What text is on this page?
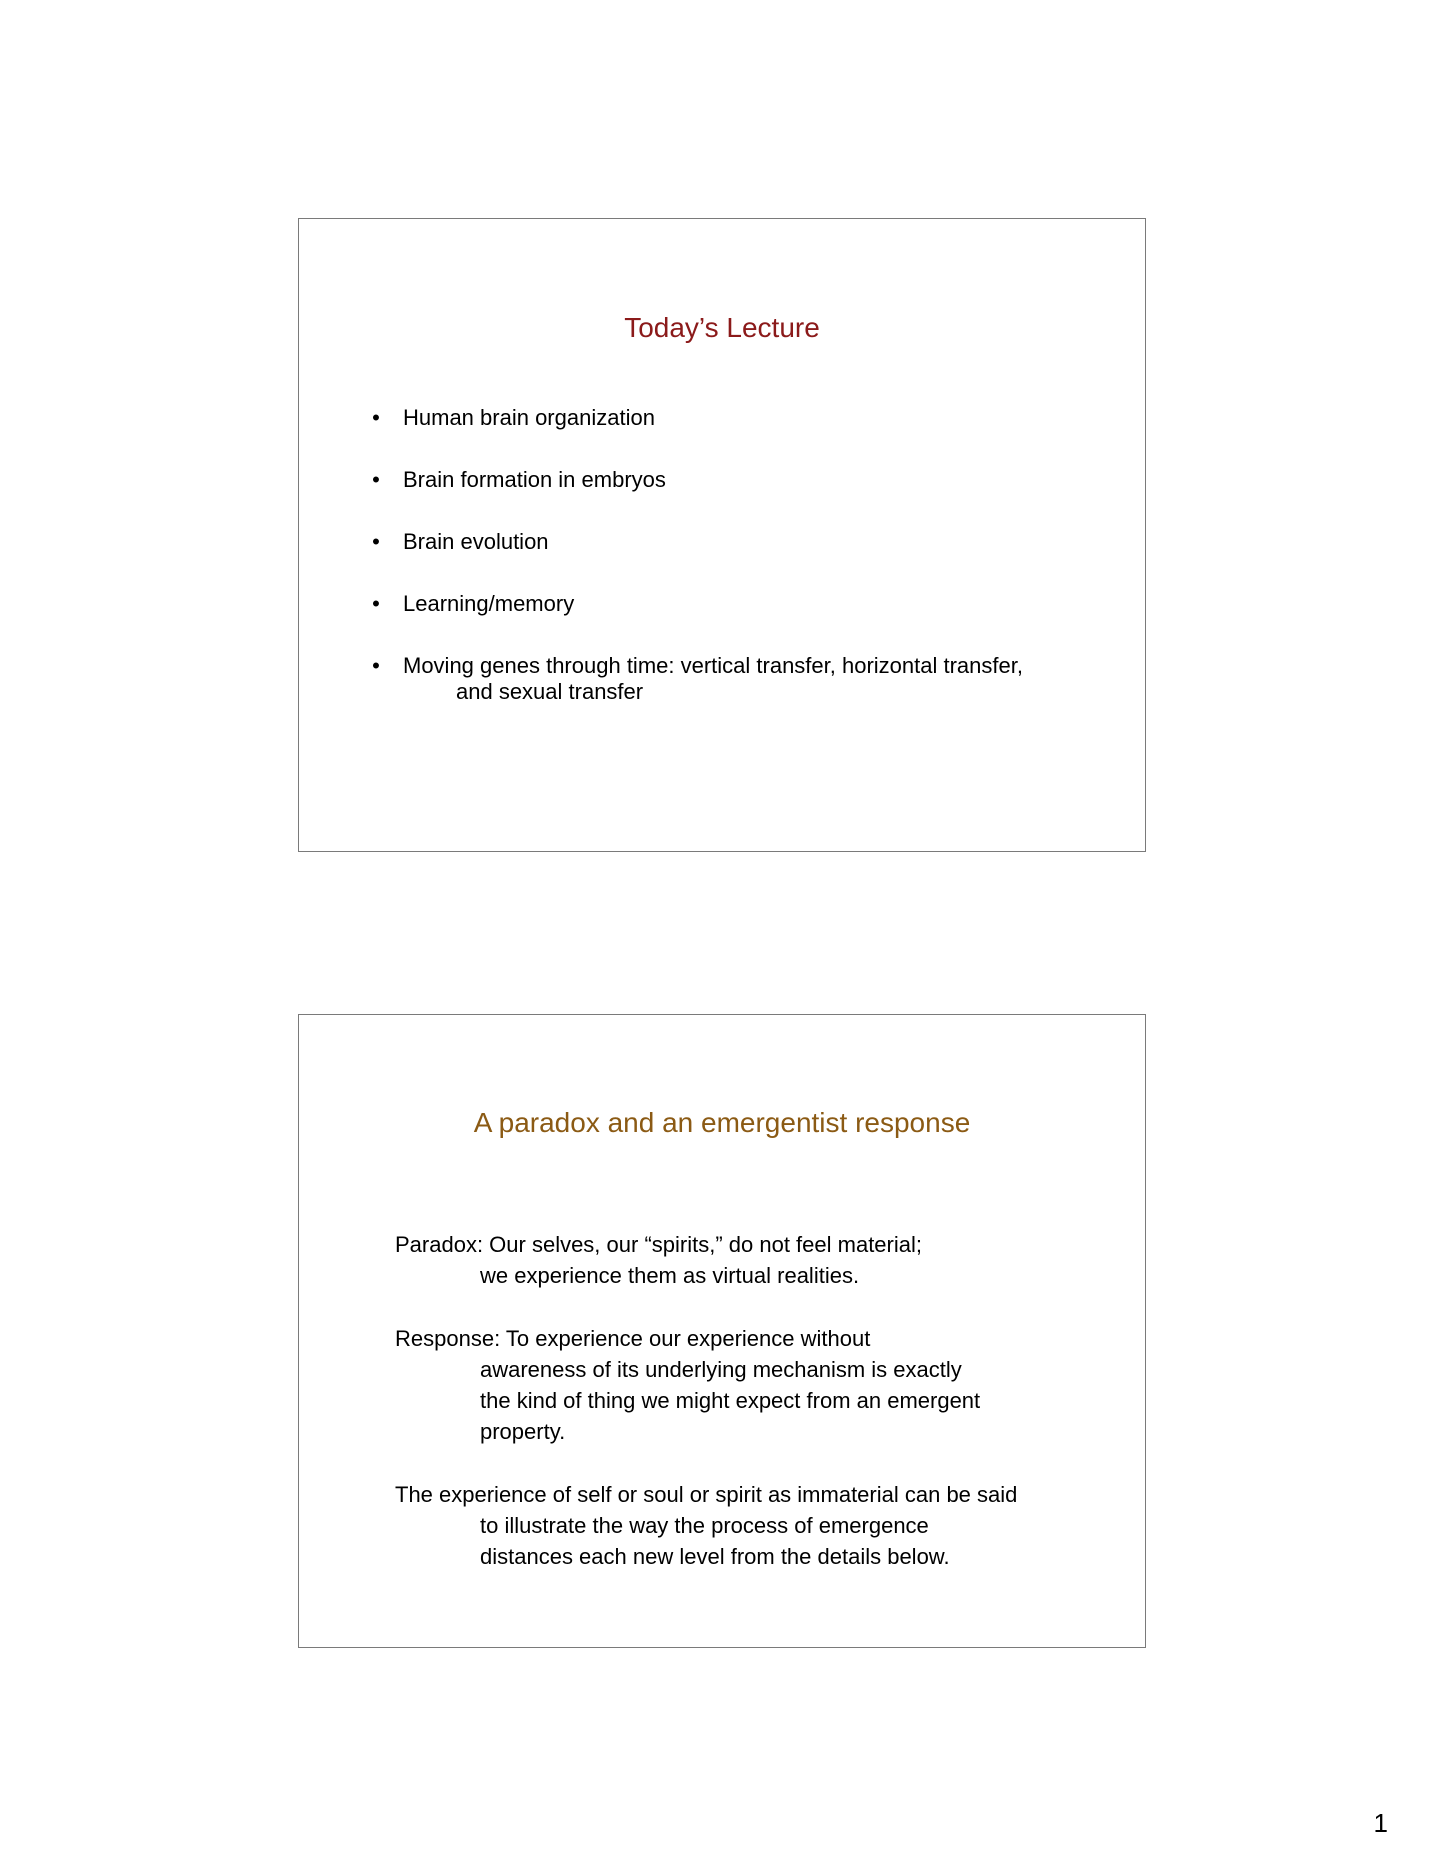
Today’s Lecture
• Human brain organization
• Brain formation in embryos
• Brain evolution
• Learning/memory
• Moving genes through time: vertical transfer, horizontal transfer,
and sexual transfer
A paradox and an emergentist response

Paradox: Our selves, our “spirits,” do not feel material;
we experience them as virtual realities.

Response: To experience our experience without
awareness of its underlying mechanism is exactly
the kind of thing we might expect from an emergent
property.

The experience of self or soul or spirit as immaterial can be said
to illustrate the way the process of emergence
distances each new level from the details below.

1
